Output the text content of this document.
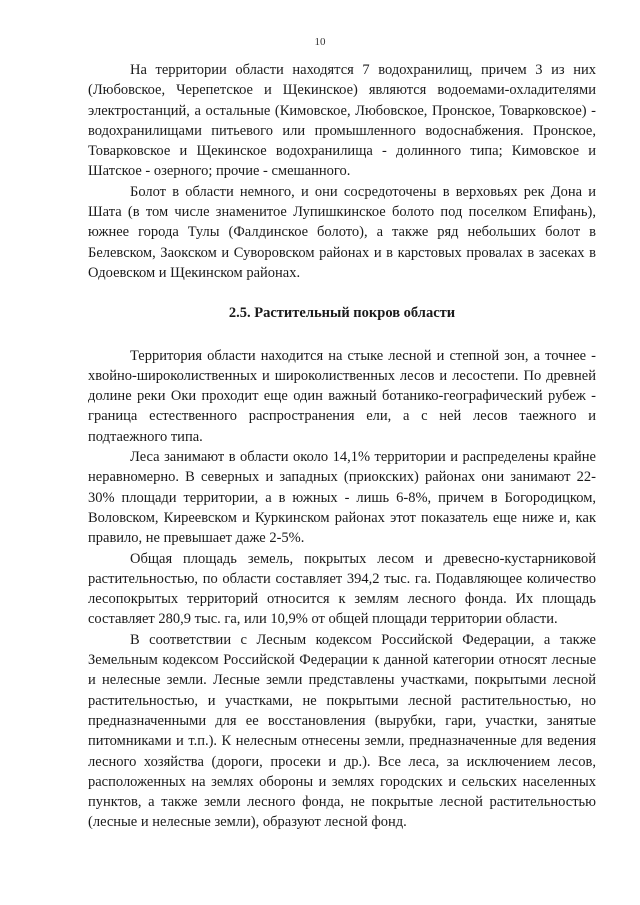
10

На территории области находятся 7 водохранилищ, причем 3 из них (Любовское, Черепетское и Щекинское) являются водоемами-охладителями электростанций, а остальные (Кимовское, Любовское, Пронское, Товарковское) - водохранилищами питьевого или промышленного водоснабжения. Пронское, Товарковское и Щекинское водохранилища - долинного типа; Кимовское и Шатское - озерного; прочие - смешанного.

Болот в области немного, и они сосредоточены в верховьях рек Дона и Шата (в том числе знаменитое Лупишкинское болото под поселком Епифань), южнее города Тулы (Фалдинское болото), а также ряд небольших болот в Белевском, Заокском и Суворовском районах и в карстовых провалах в засеках в Одоевском и Щекинском районах.

2.5. Растительный покров области

Территория области находится на стыке лесной и степной зон, а точнее - хвойно-широколиственных и широколиственных лесов и лесостепи. По древней долине реки Оки проходит еще один важный ботанико-географический рубеж - граница естественного распространения ели, а с ней лесов таежного и подтаежного типа.

Леса занимают в области около 14,1% территории и распределены крайне неравномерно. В северных и западных (приокских) районах они занимают 22-30% площади территории, а в южных - лишь 6-8%, причем в Богородицком, Воловском, Киреевском и Куркинском районах этот показатель еще ниже и, как правило, не превышает даже 2-5%.

Общая площадь земель, покрытых лесом и древесно-кустарниковой растительностью, по области составляет 394,2 тыс. га. Подавляющее количество лесопокрытых территорий относится к землям лесного фонда. Их площадь составляет 280,9 тыс. га, или 10,9% от общей площади территории области.

В соответствии с Лесным кодексом Российской Федерации, а также Земельным кодексом Российской Федерации к данной категории относят лесные и нелесные земли. Лесные земли представлены участками, покрытыми лесной растительностью, и участками, не покрытыми лесной растительностью, но предназначенными для ее восстановления (вырубки, гари, участки, занятые питомниками и т.п.). К нелесным отнесены земли, предназначенные для ведения лесного хозяйства (дороги, просеки и др.). Все леса, за исключением лесов, расположенных на землях обороны и землях городских и сельских населенных пунктов, а также земли лесного фонда, не покрытые лесной растительностью (лесные и нелесные земли), образуют лесной фонд.
